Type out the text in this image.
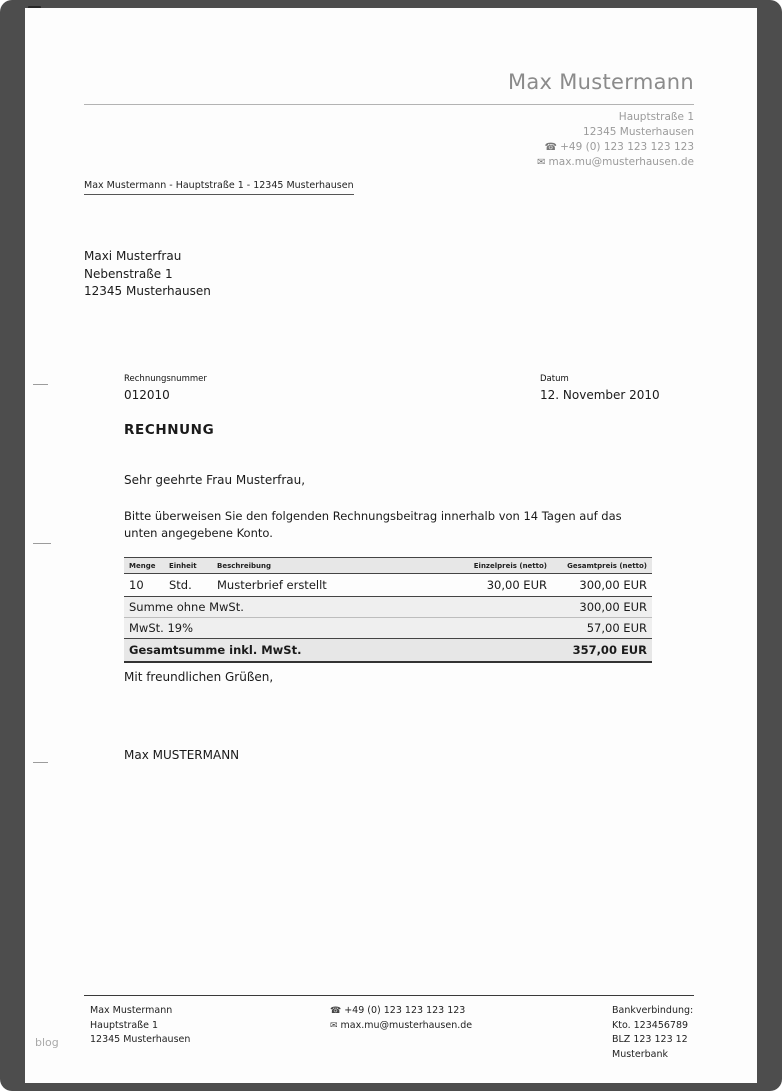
Max Mustermann
Hauptstraße 1
12345 Musterhausen
☎ +49 (0) 123 123 123 123
✉ max.mu@musterhausen.de
Max Mustermann - Hauptstraße 1 - 12345 Musterhausen
Maxi Musterfrau
Nebenstraße 1
12345 Musterhausen
Rechnungsnummer
012010
Datum
12. November 2010
RECHNUNG
Sehr geehrte Frau Musterfrau,
Bitte überweisen Sie den folgenden Rechnungsbeitrag innerhalb von 14 Tagen auf das unten angegebene Konto.
Menge	Einheit	Beschreibung	Einzelpreis (netto)	Gesamtpreis (netto)
10	Std.	Musterbrief erstellt	30,00 EUR	300,00 EUR
Summe ohne MwSt.				300,00 EUR
MwSt. 19%				57,00 EUR
Gesamtsumme inkl. MwSt.				357,00 EUR
Mit freundlichen Grüßen,
Max MUSTERMANN
Max Mustermann
Hauptstraße 1
12345 Musterhausen
☎ +49 (0) 123 123 123 123
✉ max.mu@musterhausen.de
Bankverbindung:
Kto. 123456789
BLZ 123 123 12
Musterbank
blog
